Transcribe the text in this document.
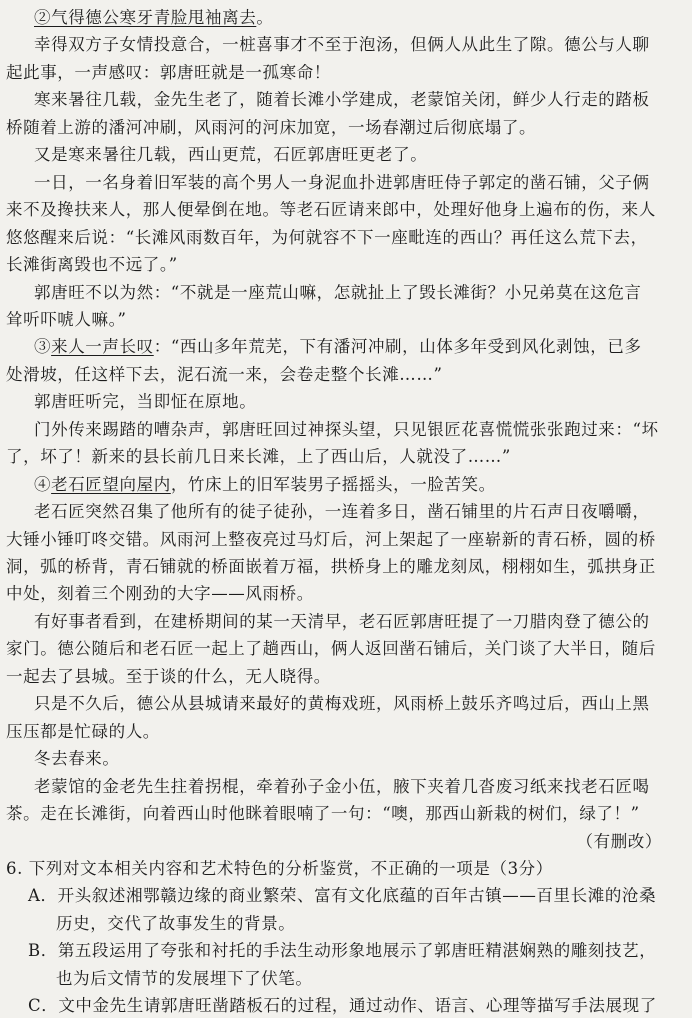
②气得德公寒牙青脸甩袖离去。
幸得双方子女情投意合，一桩喜事才不至于泡汤，但俩人从此生了隙。德公与人聊
起此事，一声感叹：郭唐旺就是一孤寒命！
寒来暑往几载，金先生老了，随着长滩小学建成，老蒙馆关闭，鲜少人行走的踏板
桥随着上游的潘河冲刷，风雨河的河床加宽，一场春潮过后彻底塌了。
又是寒来暑往几载，西山更荒，石匠郭唐旺更老了。
一日，一名身着旧军装的高个男人一身泥血扑进郭唐旺侍子郭定的凿石铺，父子俩
来不及搀扶来人，那人便晕倒在地。等老石匠请来郎中，处理好他身上遍布的伤，来人
悠悠醒来后说：“长滩风雨数百年，为何就容不下一座毗连的西山？再任这么荒下去，
长滩街离毁也不远了。”
郭唐旺不以为然：“不就是一座荒山嘛，怎就扯上了毁长滩街？小兄弟莫在这危言
耸听吓唬人嘛。”
③来人一声长叹：“西山多年荒芜，下有潘河冲刷，山体多年受到风化剥蚀，已多
处滑坡，任这样下去，泥石流一来，会卷走整个长滩……”
郭唐旺听完，当即怔在原地。
门外传来踢踏的嘈杂声，郭唐旺回过神探头望，只见银匠花喜慌慌张张跑过来：“坏
了，坏了！新来的县长前几日来长滩，上了西山后，人就没了……”
④老石匠望向屋内，竹床上的旧军装男子摇摇头，一脸苦笑。
老石匠突然召集了他所有的徒子徒孙，一连着多日，凿石铺里的片石声日夜嚼嚼，
大锤小锤叮咚交错。风雨河上整夜亮过马灯后，河上架起了一座崭新的青石桥，圆的桥
洞，弧的桥背，青石铺就的桥面嵌着万福，拱桥身上的雕龙刻凤，栩栩如生，弧拱身正
中处，刻着三个刚劲的大字——风雨桥。
有好事者看到，在建桥期间的某一天清早，老石匠郭唐旺提了一刀腊肉登了德公的
家门。德公随后和老石匠一起上了趟西山，俩人返回凿石铺后，关门谈了大半日，随后
一起去了县城。至于谈的什么，无人晓得。
只是不久后，德公从县城请来最好的黄梅戏班，风雨桥上鼓乐齐鸣过后，西山上黑
压压都是忙碌的人。
冬去春来。
老蒙馆的金老先生拄着拐棍，牵着孙子金小伍，腋下夹着几沓废习纸来找老石匠喝
茶。走在长滩街，向着西山时他眯着眼喃了一句：“噢，那西山新栽的树们，绿了！”
（有删改）
6. 下列对文本相关内容和艺术特色的分析鉴赏，不正确的一项是（3分）
A．开头叙述湘鄂赣边缘的商业繁荣、富有文化底蕴的百年古镇——百里长滩的沧桑
历史，交代了故事发生的背景。
B．第五段运用了夸张和衬托的手法生动形象地展示了郭唐旺精湛娴熟的雕刻技艺，
也为后文情节的发展埋下了伏笔。
C．文中金先生请郭唐旺凿踏板石的过程，通过动作、语言、心理等描写手法展现了
